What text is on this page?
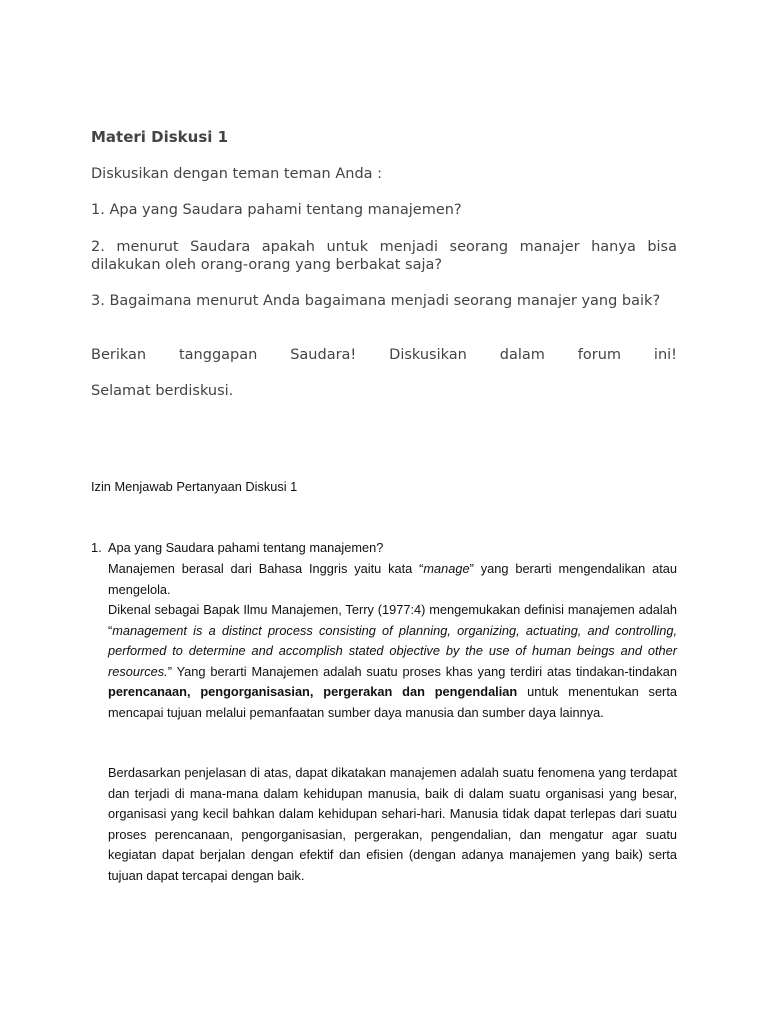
Materi Diskusi 1

Diskusikan dengan teman teman Anda :

1. Apa yang Saudara pahami tentang manajemen?

2. menurut Saudara apakah untuk menjadi seorang manajer hanya bisa dilakukan oleh orang-orang yang berbakat saja?

3. Bagaimana menurut Anda bagaimana menjadi seorang manajer yang baik?

Berikan tanggapan Saudara! Diskusikan dalam forum ini!

Selamat berdiskusi.

Izin Menjawab Pertanyaan Diskusi 1

1. Apa yang Saudara pahami tentang manajemen?

Manajemen berasal dari Bahasa Inggris yaitu kata “manage” yang berarti mengendalikan atau mengelola.

Dikenal sebagai Bapak Ilmu Manajemen, Terry (1977:4) mengemukakan definisi manajemen adalah “management is a distinct process consisting of planning, organizing, actuating, and controlling, performed to determine and accomplish stated objective by the use of human beings and other resources.” Yang berarti Manajemen adalah suatu proses khas yang terdiri atas tindakan-tindakan perencanaan, pengorganisasian, pergerakan dan pengendalian untuk menentukan serta mencapai tujuan melalui pemanfaatan sumber daya manusia dan sumber daya lainnya.

Berdasarkan penjelasan di atas, dapat dikatakan manajemen adalah suatu fenomena yang terdapat dan terjadi di mana-mana dalam kehidupan manusia, baik di dalam suatu organisasi yang besar, organisasi yang kecil bahkan dalam kehidupan sehari-hari. Manusia tidak dapat terlepas dari suatu proses perencanaan, pengorganisasian, pergerakan, pengendalian, dan mengatur agar suatu kegiatan dapat berjalan dengan efektif dan efisien (dengan adanya manajemen yang baik) serta tujuan dapat tercapai dengan baik.
